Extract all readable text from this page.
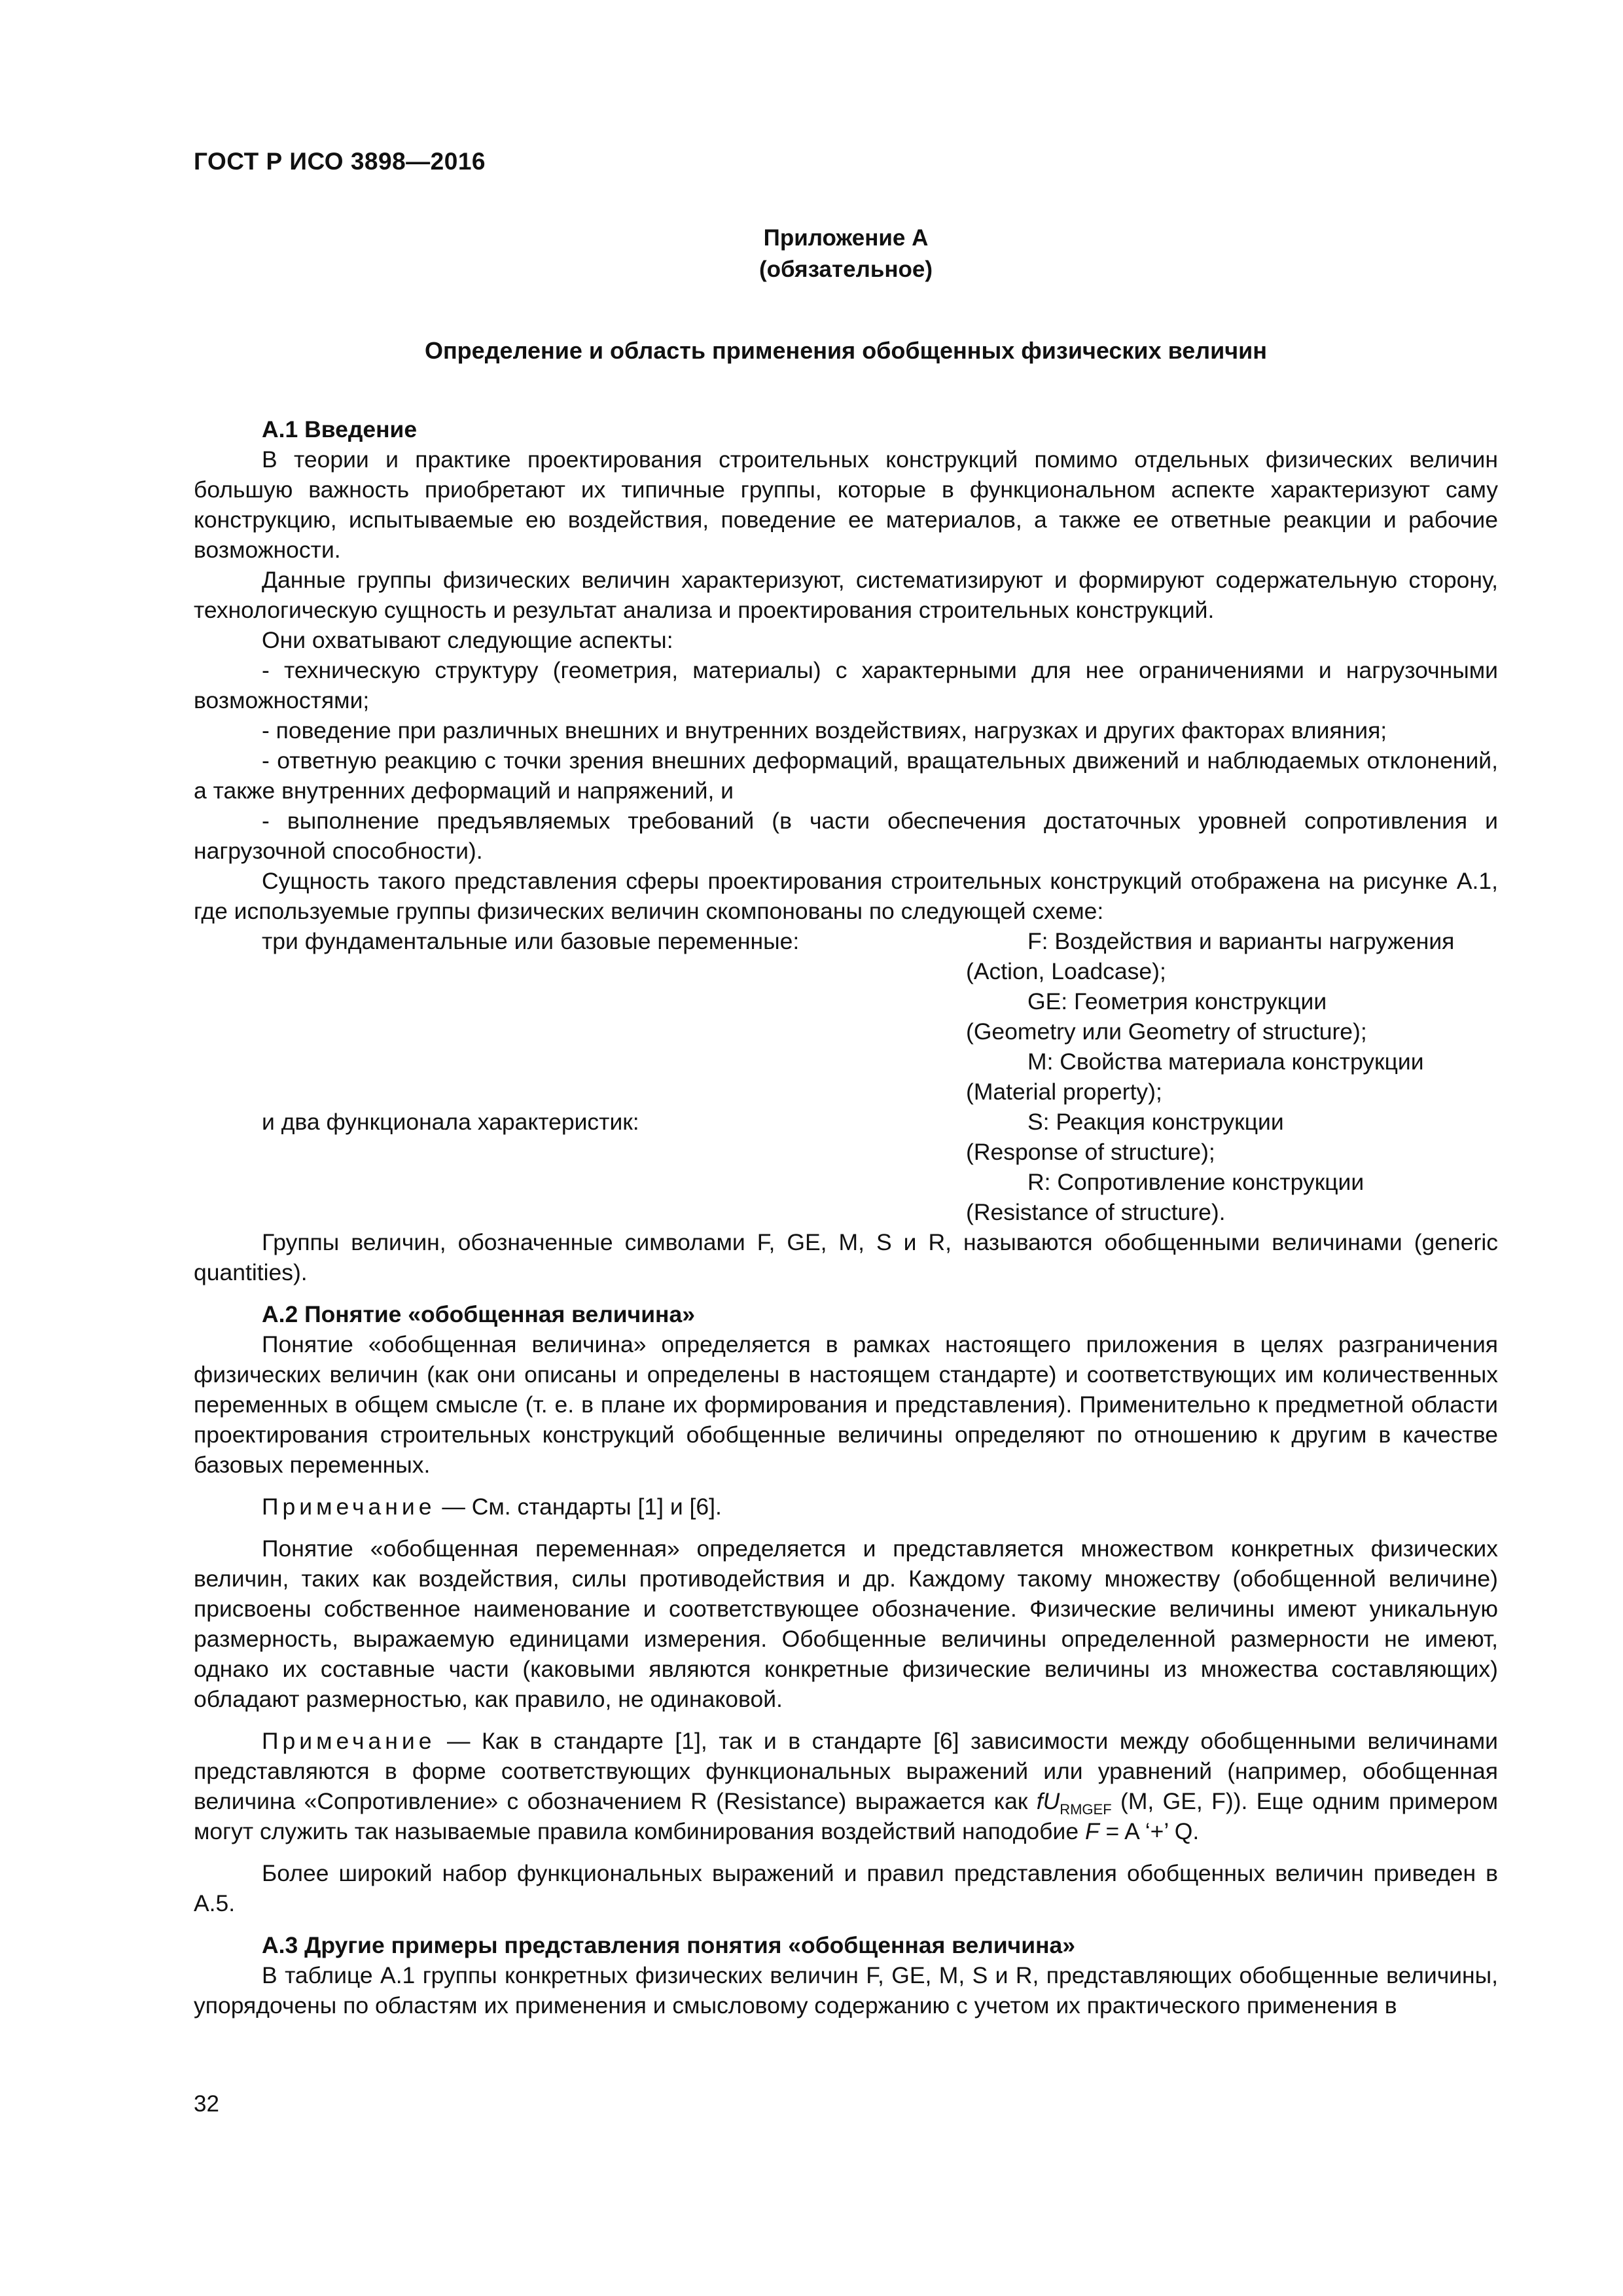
ГОСТ Р ИСО 3898—2016
Приложение А
(обязательное)
Определение и область применения обобщенных физических величин
А.1 Введение

В теории и практике проектирования строительных конструкций помимо отдельных физических величин большую важность приобретают их типичные группы, которые в функциональном аспекте характеризуют саму конструкцию, испытываемые ею воздействия, поведение ее материалов, а также ее ответные реакции и рабочие возможности.

Данные группы физических величин характеризуют, систематизируют и формируют содержательную сторону, технологическую сущность и результат анализа и проектирования строительных конструкций.

Они охватывают следующие аспекты:

- техническую структуру (геометрия, материалы) с характерными для нее ограничениями и нагрузочными возможностями;

- поведение при различных внешних и внутренних воздействиях, нагрузках и других факторах влияния;

- ответную реакцию с точки зрения внешних деформаций, вращательных движений и наблюдаемых отклонений, а также внутренних деформаций и напряжений, и

- выполнение предъявляемых требований (в части обеспечения достаточных уровней сопротивления и нагрузочной способности).

Сущность такого представления сферы проектирования строительных конструкций отображена на рисунке А.1, где используемые группы физических величин скомпонованы по следующей схеме:

три фундаментальные или базовые переменные:	F: Воздействия и варианты нагружения
(Action, Loadcase);
GE: Геометрия конструкции
(Geometry или Geometry of structure);
M: Свойства материала конструкции
(Material property);
и два функционала характеристик:	S: Реакция конструкции
(Response of structure);
R: Сопротивление конструкции
(Resistance of structure).

Группы величин, обозначенные символами F, GE, M, S и R, называются обобщенными величинами (generic quantities).

А.2 Понятие «обобщенная величина»

Понятие «обобщенная величина» определяется в рамках настоящего приложения в целях разграничения физических величин (как они описаны и определены в настоящем стандарте) и соответствующих им количественных переменных в общем смысле (т. е. в плане их формирования и представления). Применительно к предметной области проектирования строительных конструкций обобщенные величины определяют по отношению к другим в качестве базовых переменных.

Примечание — См. стандарты [1] и [6].

Понятие «обобщенная переменная» определяется и представляется множеством конкретных физических величин, таких как воздействия, силы противодействия и др. Каждому такому множеству (обобщенной величине) присвоены собственное наименование и соответствующее обозначение. Физические величины имеют уникальную размерность, выражаемую единицами измерения. Обобщенные величины определенной размерности не имеют, однако их составные части (каковыми являются конкретные физические величины из множества составляющих) обладают размерностью, как правило, не одинаковой.

Примечание — Как в стандарте [1], так и в стандарте [6] зависимости между обобщенными величинами представляются в форме соответствующих функциональных выражений или уравнений (например, обобщенная величина «Сопротивление» с обозначением R (Resistance) выражается как $fU_{RMGEF}$ (M, GE, F)). Еще одним примером могут служить так называемые правила комбинирования воздействий наподобие F = A ‘+’ Q.

Более широкий набор функциональных выражений и правил представления обобщенных величин приведен в А.5.

А.3 Другие примеры представления понятия «обобщенная величина»

В таблице А.1 группы конкретных физических величин F, GE, M, S и R, представляющих обобщенные величины, упорядочены по областям их применения и смысловому содержанию с учетом их практического применения в

32
